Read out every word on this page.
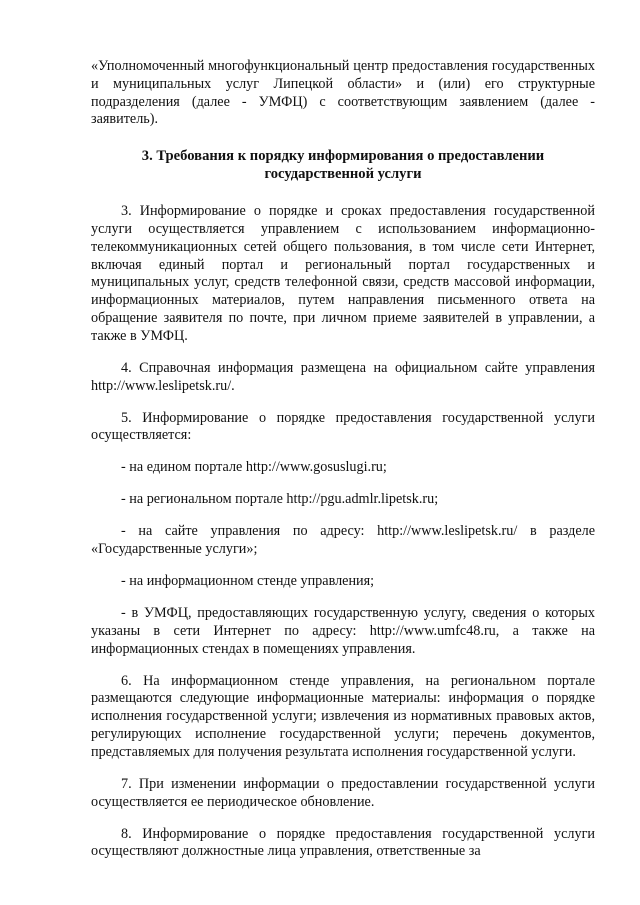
«Уполномоченный многофункциональный центр предоставления государственных и муниципальных услуг Липецкой области» и (или) его структурные подразделения (далее - УМФЦ) с соответствующим заявлением (далее - заявитель).

3. Требования к порядку информирования о предоставлении государственной услуги

3. Информирование о порядке и сроках предоставления государственной услуги осуществляется управлением с использованием информационно-телекоммуникационных сетей общего пользования, в том числе сети Интернет, включая единый портал и региональный портал государственных и муниципальных услуг, средств телефонной связи, средств массовой информации, информационных материалов, путем направления письменного ответа на обращение заявителя по почте, при личном приеме заявителей в управлении, а также в УМФЦ.

4. Справочная информация размещена на официальном сайте управления http://www.leslipetsk.ru/.

5. Информирование о порядке предоставления государственной услуги осуществляется:

- на едином портале http://www.gosuslugi.ru;

- на региональном портале http://pgu.admlr.lipetsk.ru;

- на сайте управления по адресу: http://www.leslipetsk.ru/ в разделе «Государственные услуги»;

- на информационном стенде управления;

- в УМФЦ, предоставляющих государственную услугу, сведения о которых указаны в сети Интернет по адресу: http://www.umfc48.ru, а также на информационных стендах в помещениях управления.

6. На информационном стенде управления, на региональном портале размещаются следующие информационные материалы: информация о порядке исполнения государственной услуги; извлечения из нормативных правовых актов, регулирующих исполнение государственной услуги; перечень документов, представляемых для получения результата исполнения государственной услуги.

7. При изменении информации о предоставлении государственной услуги осуществляется ее периодическое обновление.

8. Информирование о порядке предоставления государственной услуги осуществляют должностные лица управления, ответственные за
